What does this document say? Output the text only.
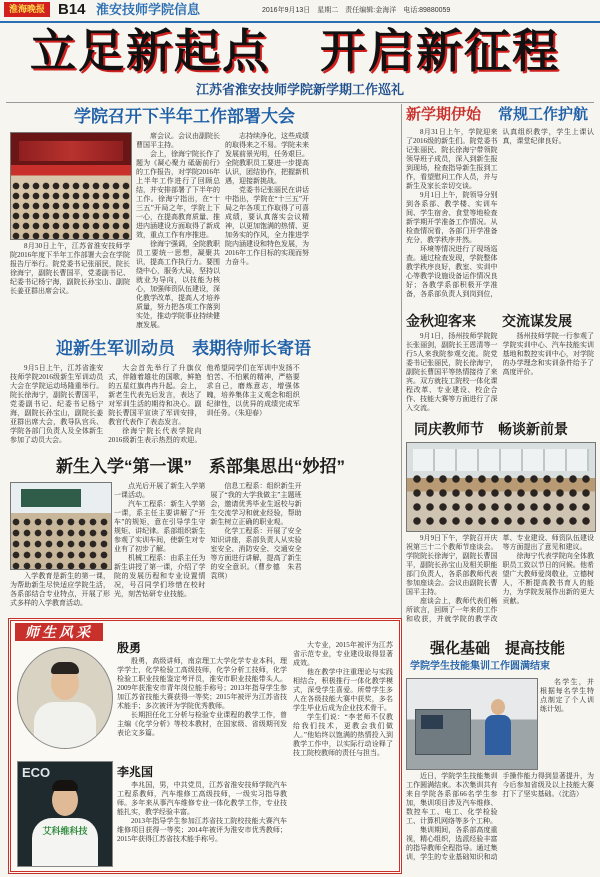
淮海晚报 B14 淮安技师学院信息	2016年9月13日　星期二　责任编辑:金海洋　电话:89880059
立足新起点 开启新征程
江苏省淮安技师学院新学期工作巡礼
学院召开下半年工作部署大会

8月30日上午，江苏省淮安技师学院2016年度下半年工作部署大会在学院报告厅举行。院党委书记张丽民，院长徐海宁，副院长曹国平，党委副书记、纪委书记杨宁海，副院长孙宝山、副院长姜亚群出席会议。

席会议。会议由副院长曹国平主持。

会上，徐海宁院长作了题为《凝心聚力 砥砺前行》的工作报告，对学院2016年上半年工作进行了回顾总结，并安排部署了下半年的工作。徐海宁指出，在“十三五”开局之年，学院上下一心，在提高教育质量、推进内涵建设方面取得了新成效，重点工作有序推进。

徐海宁强调，全院教职员工要统一思想，凝聚共识，提高工作执行力。要围绕中心，服务大局，坚持以就业为导向，以技能为核心，加强师资队伍建设，深化教学改革，提高人才培养质量，努力把各项工作落到实处，推动学院事业持续健康发展。

志持续净化，这些成绩的取得来之不易。学院未来发展前景光明，任务艰巨。全院教职员工要进一步提高认识，团结协作，把握新机遇，迎接新挑战。

党委书记张丽民在讲话中指出，学院在“十三五”开局之年各项工作取得了可喜成绩，要认真落实会议精神，以更加饱满的热情、更加务实的作风，全力推进学院内涵建设和特色发展，为2016年工作目标的实现而努力奋斗。

迎新生军训动员　表期待师长寄语

9月5日上午，江苏省淮安技师学院2016级新生军训动员大会在学院运动场隆重举行。院长徐海宁，副院长曹国平，党委副书记、纪委书记杨宁海，副院长孙宝山，副院长姜亚群出席大会，教导队官兵、学院各部门负责人及全体新生参加了动员大会。

大会首先举行了升旗仪式，伴随着雄壮的国歌，鲜艳的五星红旗冉冉升起。会上，新老生代表先后发言，表达了对军训生活的期待和决心。副院长曹国平宣读了军训安排，教官代表作了表态发言。

徐海宁院长代表学院向2016级新生表示热烈的欢迎。他希望同学们在军训中发扬不怕苦、不怕累的精神，严格要求自己，磨炼意志，增强体魄，培养集体主义观念和组织纪律性，以优异的成绩完成军训任务。（朱迎春）

新生入学“第一课”　系部集思出“妙招”

入学教育是新生的第一课，为帮助新生尽快适应学院生活，各系部结合专业特点，开展了形式多样的入学教育活动。

点光后开展了新生入学第一课活动。

汽车工程系：新生入学第一课，系主任主要讲解了“开车”的规矩，意在引导学生守规矩、讲纪律。系部组织新生参观了实训车间，使新生对专业有了初步了解。

机械工程系：由系主任为新生讲授了第一课，介绍了学院的发展历程和专业设置情况，号召同学们珍惜在校时光，刻苦钻研专业技能。

信息工程系：组织新生开展了“我的大学我做主”主题班会，邀请优秀毕业生返校与新生交流学习和就业经验，帮助新生树立正确的职业观。

化学工程系：开展了安全知识讲座，系部负责人从实验室安全、消防安全、交通安全等方面进行讲解，提高了新生的安全意识。（曹步德　朱君　袁琪）

师生风采
殷勇

殷勇，高级讲师，南京理工大学化学专业本科，理学学士，化学检验工高级技师，化学分析工技师，化学检验工职业技能鉴定考评员，淮安市职业技能带头人。2009年获淮安市青年岗位能手称号；2013年指导学生参加江苏省技能大赛获得一等奖；2015年被评为江苏省技术能手；多次被评为学院优秀教师。

长期担任化工分析与检验专业课程的教学工作，曾主编《化学分析》等校本教材，在国家级、省级期刊发表论文多篇。

ECO
艾科维科技
李兆国

李兆国，男，中共党员，江苏省淮安技师学院汽车工程系教师，汽车维修工高级技师，一级实习指导教师。多年来从事汽车维修专业一体化教学工作，专业技能扎实，教学经验丰富。

2013年指导学生参加江苏省技工院校技能大赛汽车维修项目获得一等奖；2014年被评为淮安市优秀教师；2015年获得江苏省技术能手称号。

大专业，2015年被评为江苏省示范专业，专业建设取得显著成效。

他在教学中注重理论与实践相结合，积极推行一体化教学模式，深受学生喜爱。所带学生多人在各级技能大赛中获奖，多名学生毕业后成为企业技术骨干。

学生们说：“李老师不仅教给我们技术，更教会我们做人。”他始终以饱满的热情投入到教学工作中，以实际行动诠释了技工院校教师的责任与担当。

新学期伊始 常规工作护航

8月31日上午，学院迎来了2016级的新生们。院党委书记张丽民、院长徐海宁带领院领导班子成员，深入到新生报到现场，检查指导新生报到工作，看望慰问工作人员，并与新生及家长亲切交谈。

9月1日上午，院领导分别到各系部、教学楼、实训车间、学生宿舍、食堂等地检查新学期开学准备工作情况。从检查情况看，各部门开学准备充分，教学秩序井然。

环境等情况进行了现场巡查。通过检查发现，学院整体教学秩序良好，教室、实训中心等教学设施设备运作情况良好；各教学系部积极开学准备，各系部负责人到岗到位，认真组织教学，学生上课认真，课堂纪律良好。

金秋迎客来 交流谋发展

9月1日，扬州技师学院院长张丽剑，副院长王恩清等一行5人来我院参观交流。院党委书记张丽民，院长徐海宁，副院长曹国平等热情接待了来宾。双方就技工院校一体化课程改革、专业建设、校企合作、技能大赛等方面进行了深入交流。

扬州技师学院一行参观了学院实训中心、汽车技能实训基地和数控实训中心，对学院的办学理念和实训条件给予了高度评价。

同庆教师节　畅谈新前景

9月9日下午，学院召开庆祝第三十二个教师节座谈会。学院院长徐海宁，副院长曹国平，副院长孙宝山及相关职能部门负责人，各系部教师代表参加座谈会。会议由副院长曹国平主持。

座谈会上，教师代表们畅所欲言，回顾了一年来的工作和收获，并就学院的教学改革、专业建设、师资队伍建设等方面提出了意见和建议。

徐海宁代表学院向全体教职员工致以节日的问候。他希望广大教师爱岗敬业，立德树人，不断提高教书育人的能力，为学院发展作出新的更大贡献。

强化基础　提高技能
学院学生技能集训工作圆满结束

名学生，并根据每名学生特点制定了个人训练计划。

近日，学院学生技能集训工作圆满结束。本次集训共有来自学院各系部66名学生参加，集训项目涉及汽车维修、数控车工、电工、化学检验工、计算机网络等多个工种。

集训期间，各系部高度重视，精心组织，选派经验丰富的指导教师全程指导。通过集训，学生的专业基础知识和动手操作能力得到显著提升，为今后参加省级及以上技能大赛打下了坚实基础。（沈浩）
